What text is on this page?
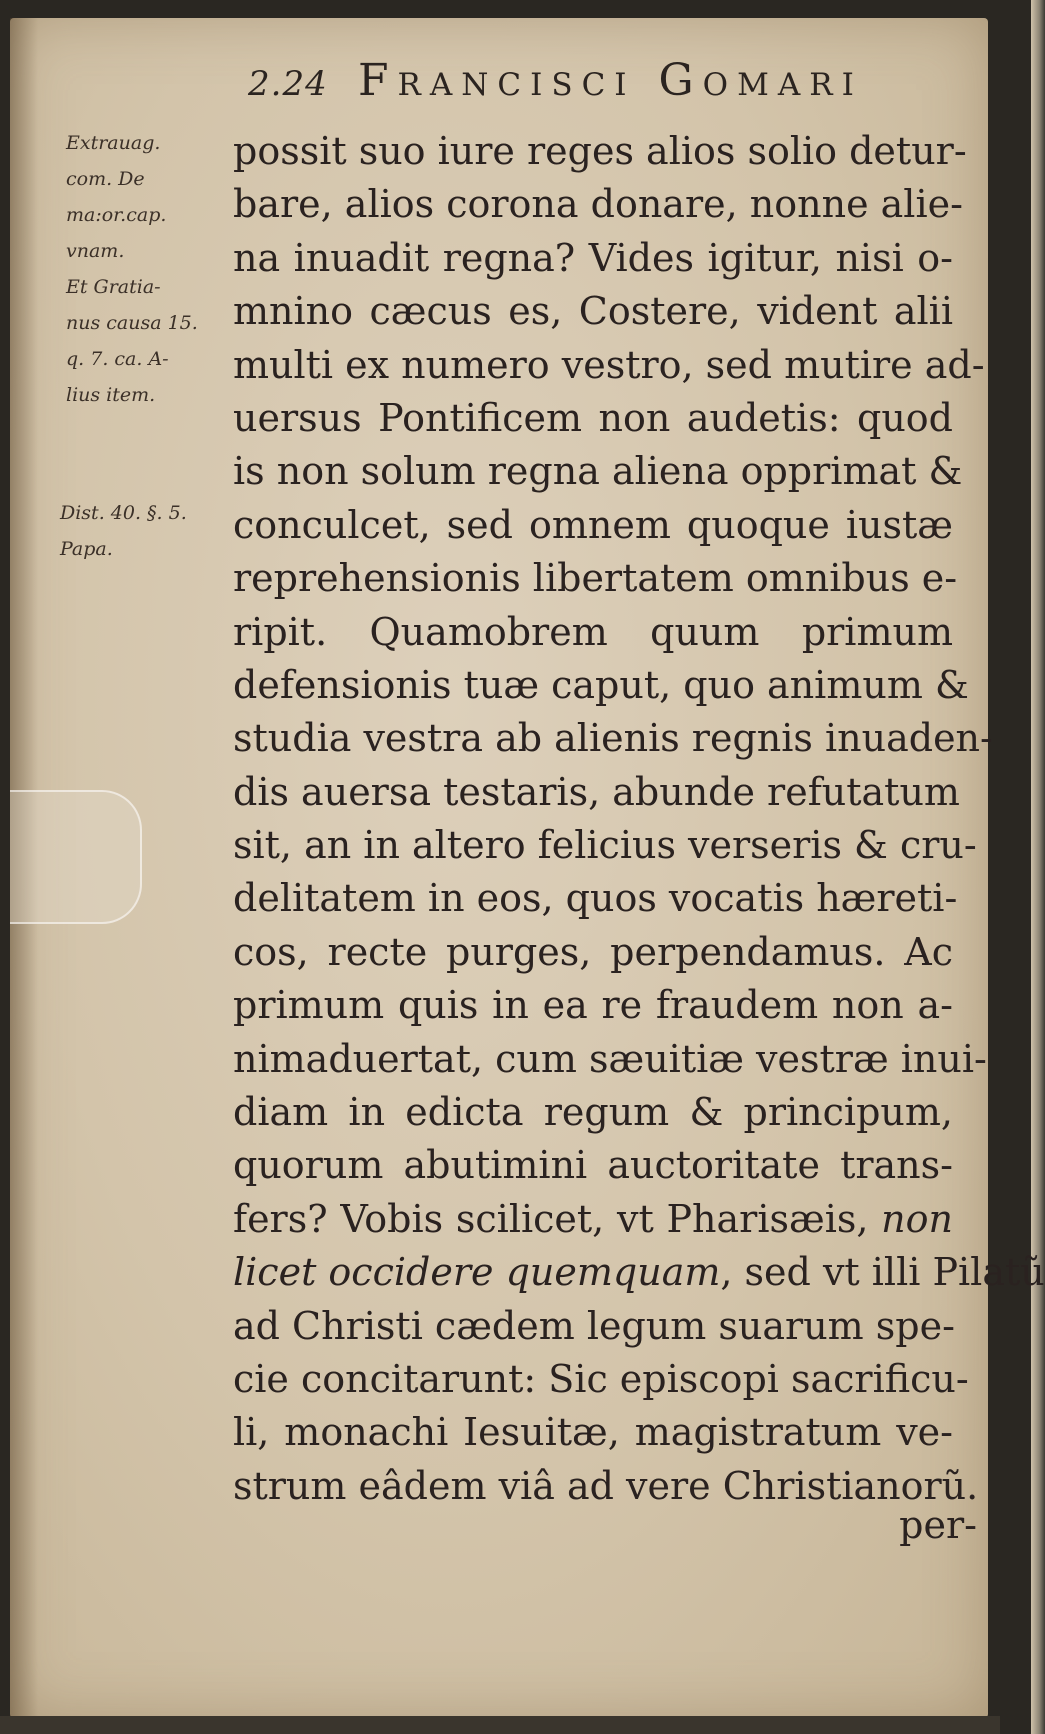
2.24 Francisci Gomari
Extrauag.
com. De
ma:or.cap.
vnam.
Et Gratia-
nus causa 15.
q. 7. ca. A-
lius item.
Dist. 40. §. 5.
Papa.
possit suo iure reges alios solio detur-
bare, alios corona donare, nonne alie-
na inuadit regna? Vides igitur, nisi o-
mnino cæcus es, Costere, vident alii
multi ex numero vestro, sed mutire ad-
uersus Pontificem non audetis: quod
is non solum regna aliena opprimat &
conculcet, sed omnem quoque iustæ
reprehensionis libertatem omnibus e-
ripit. Quamobrem quum primum
defensionis tuæ caput, quo animum &
studia vestra ab alienis regnis inuaden-
dis auersa testaris, abunde refutatum
sit, an in altero felicius verseris & cru-
delitatem in eos, quos vocatis hæreti-
cos, recte purges, perpendamus. Ac
primum quis in ea re fraudem non a-
nimaduertat, cum sæuitiæ vestræ inui-
diam in edicta regum & principum,
quorum abutimini auctoritate trans-
fers? Vobis scilicet, vt Pharisæis, non
licet occidere quemquam, sed vt illi Pilatũ
ad Christi cædem legum suarum spe-
cie concitarunt: Sic episcopi sacrificu-
li, monachi Iesuitæ, magistratum ve-
strum eâdem viâ ad vere Christianorũ.
per-
